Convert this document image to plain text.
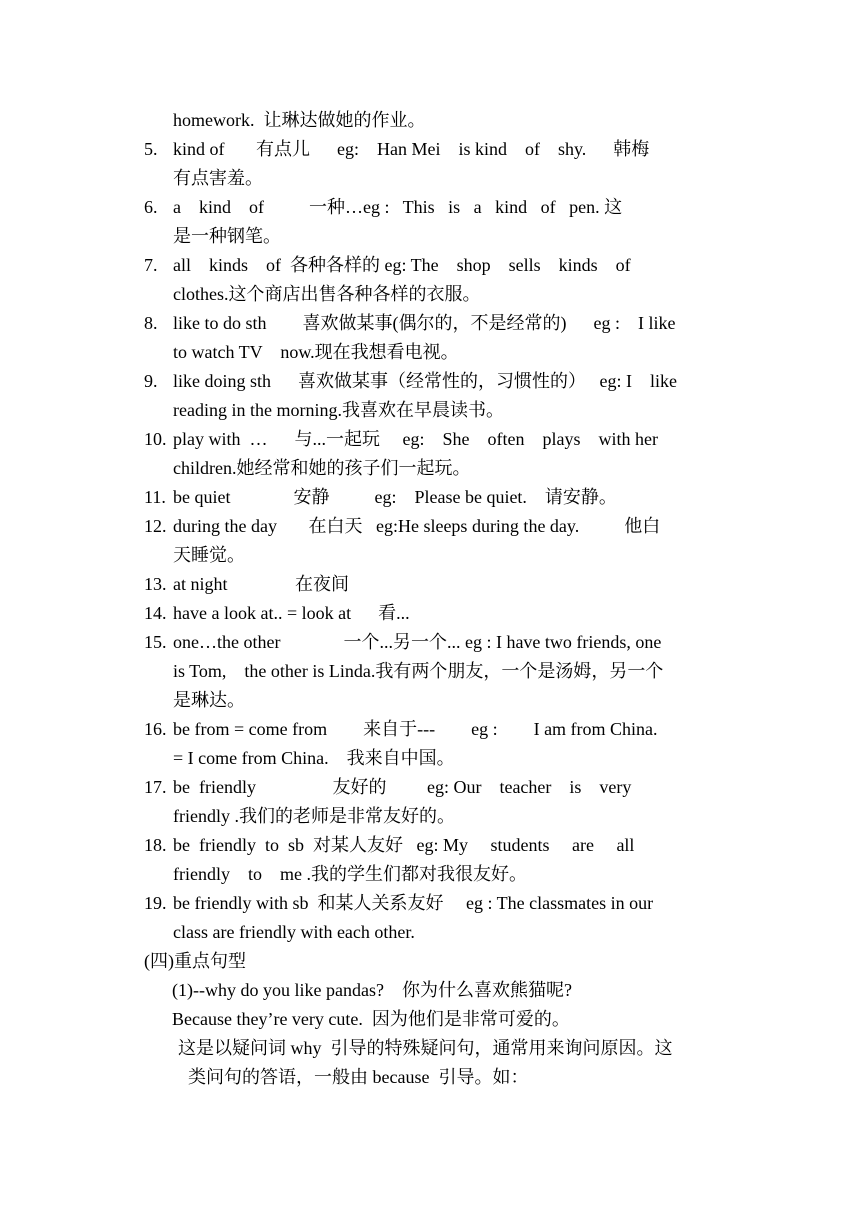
homework.  让琳达做她的作业。
5. kind of       有点儿      eg:    Han Mei    is kind    of    shy.      韩梅
有点害羞。
6. a    kind    of          一种…eg :   This   is   a   kind   of   pen. 这
是一种钢笔。
7. all    kinds    of  各种各样的 eg: The    shop    sells    kinds    of
clothes.这个商店出售各种各样的衣服。
8. like to do sth        喜欢做某事(偶尔的，不是经常的)      eg :    I like
to watch TV    now.现在我想看电视。
9. like doing sth      喜欢做某事（经常性的，习惯性的）   eg: I    like
reading in the morning.我喜欢在早晨读书。
10. play with  …      与...一起玩     eg:    She    often    plays    with her
children.她经常和她的孩子们一起玩。
11. be quiet              安静          eg:    Please be quiet.    请安静。
12. during the day       在白天   eg:He sleeps during the day.          他白
天睡觉。
13. at night               在夜间
14. have a look at.. = look at      看...
15. one…the other              一个...另一个... eg : I have two friends, one
is Tom,    the other is Linda.我有两个朋友，一个是汤姆，另一个
是琳达。
16. be from = come from        来自于---        eg :        I am from China.
= I come from China.    我来自中国。
17. be  friendly                 友好的         eg: Our    teacher    is    very
friendly .我们的老师是非常友好的。
18. be  friendly  to  sb  对某人友好   eg: My     students     are     all
friendly    to    me .我的学生们都对我很友好。
19. be friendly with sb  和某人关系友好     eg : The classmates in our
class are friendly with each other.
(四)重点句型
(1)--why do you like pandas?    你为什么喜欢熊猫呢?
Because they’re very cute.  因为他们是非常可爱的。
这是以疑问词 why  引导的特殊疑问句，通常用来询问原因。这
类问句的答语，一般由 because  引导。如：
